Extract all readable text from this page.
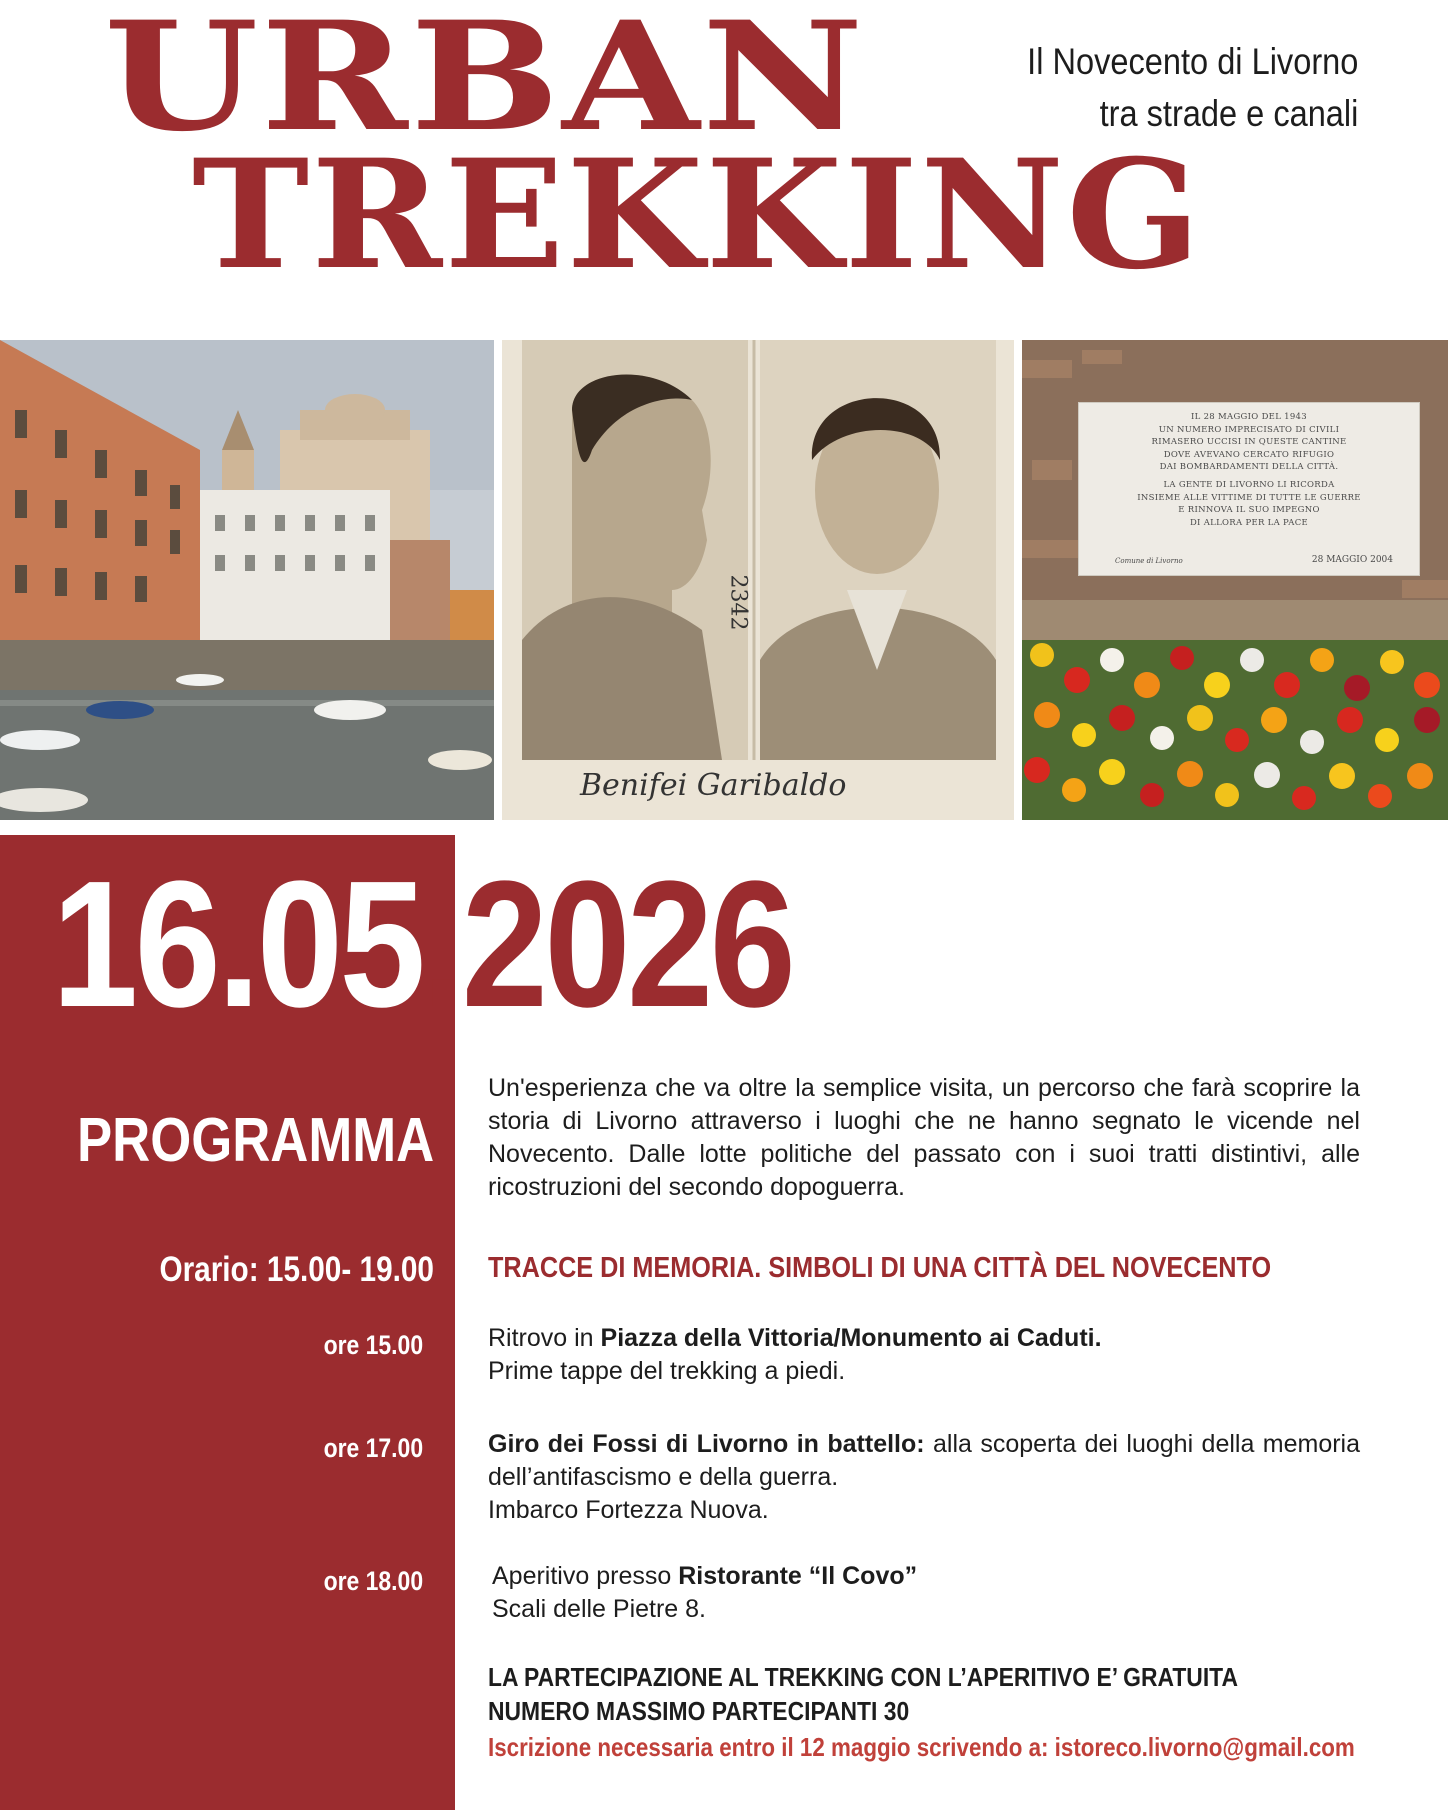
URBAN
TREKKING
Il Novecento di Livorno
tra strade e canali
2342
Benifei Garibaldo
IL 28 MAGGIO DEL 1943
UN NUMERO IMPRECISATO DI CIVILI
RIMASERO UCCISI IN QUESTE CANTINE
DOVE AVEVANO CERCATO RIFUGIO
DAI BOMBARDAMENTI DELLA CITTÀ.
LA GENTE DI LIVORNO LI RICORDA
INSIEME ALLE VITTIME DI TUTTE LE GUERRE
E RINNOVA IL SUO IMPEGNO
DI ALLORA PER LA PACE
28 MAGGIO 2004
Comune di Livorno
16.05.2026
PROGRAMMA
Orario: 15.00- 19.00
ore 15.00
ore 17.00
ore 18.00

Un'esperienza che va oltre la semplice visita, un percorso che farà scoprire la storia di Livorno attraverso i luoghi che ne hanno segnato le vicende nel Novecento. Dalle lotte politiche del passato con i suoi tratti distintivi, alle ricostruzioni del secondo dopoguerra.

TRACCE DI MEMORIA. SIMBOLI DI UNA CITTÀ DEL NOVECENTO
Ritrovo in Piazza della Vittoria/Monumento ai Caduti.
Prime tappe del trekking a piedi.
Giro dei Fossi di Livorno in battello: alla scoperta dei luoghi della memoria dell’antifascismo e della guerra.
Imbarco Fortezza Nuova.
Aperitivo presso Ristorante “Il Covo”
Scali delle Pietre 8.
LA PARTECIPAZIONE AL TREKKING CON L’APERITIVO E’ GRATUITA
NUMERO MASSIMO PARTECIPANTI 30
Iscrizione necessaria entro il 12 maggio scrivendo a: istoreco.livorno@gmail.com
